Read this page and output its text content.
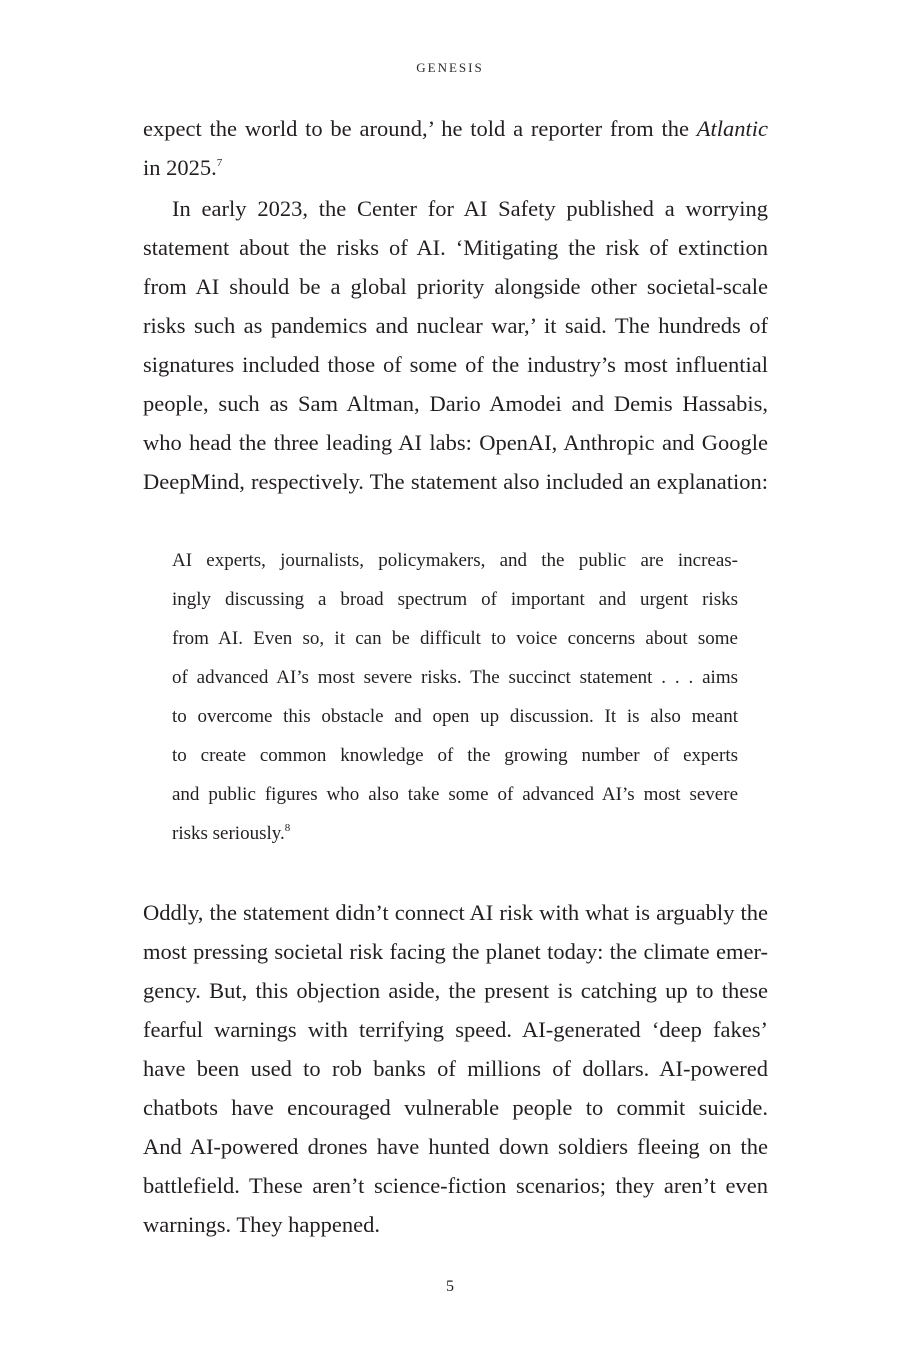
GENESIS
expect the world to be around,’ he told a reporter from the Atlantic
in 2025.$^7$
In early 2023, the Center for AI Safety published a worrying
statement about the risks of AI. ‘Mitigating the risk of extinction
from AI should be a global priority alongside other societal-scale
risks such as pandemics and nuclear war,’ it said. The hundreds of
signatures included those of some of the industry’s most influential
people, such as Sam Altman, Dario Amodei and Demis Hassabis,
who head the three leading AI labs: OpenAI, Anthropic and Google
DeepMind, respectively. The statement also included an explanation:
AI experts, journalists, policymakers, and the public are increas-
ingly discussing a broad spectrum of important and urgent risks
from AI. Even so, it can be difficult to voice concerns about some
of advanced AI’s most severe risks. The succinct statement . . . aims
to overcome this obstacle and open up discussion. It is also meant
to create common knowledge of the growing number of experts
and public figures who also take some of advanced AI’s most severe
risks seriously.$^8$
Oddly, the statement didn’t connect AI risk with what is arguably the
most pressing societal risk facing the planet today: the climate emer-
gency. But, this objection aside, the present is catching up to these
fearful warnings with terrifying speed. AI-generated ‘deep fakes’
have been used to rob banks of millions of dollars. AI-powered
chatbots have encouraged vulnerable people to commit suicide.
And AI-powered drones have hunted down soldiers fleeing on the
battlefield. These aren’t science-fiction scenarios; they aren’t even
warnings. They happened.
5
